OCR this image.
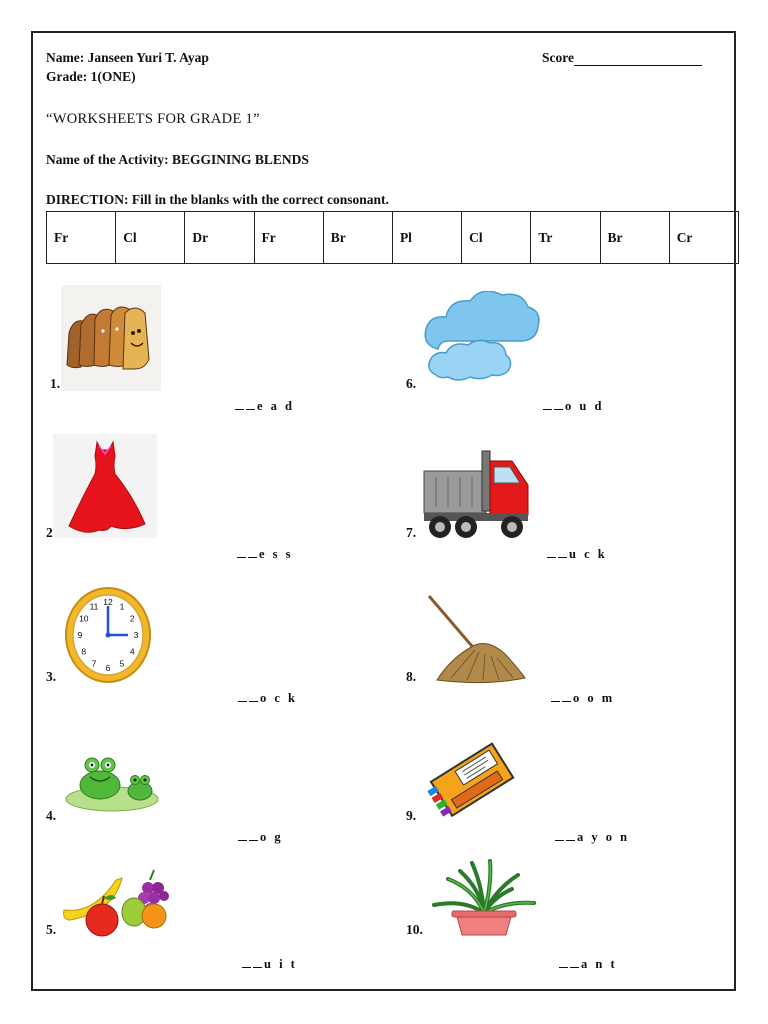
Name: Janseen Yuri T. Ayap
Grade: 1(ONE)
Score
“WORKSHEETS FOR GRADE 1”
Name of the Activity: BEGGINING BLENDS
DIRECTION: Fill in the blanks with the correct consonant.
Fr	Cl	Dr	Fr	Br	Pl	Cl	Tr	Br	Cr
1.
e a d
2
e s s
12 1
2
3
4
5
6
7
8
9
10
11
3.
o c k
4.
o g
5.
u i t
6.
o u d
7.
u c k
8.
o o m
9.
a y o n
10.
a n t
